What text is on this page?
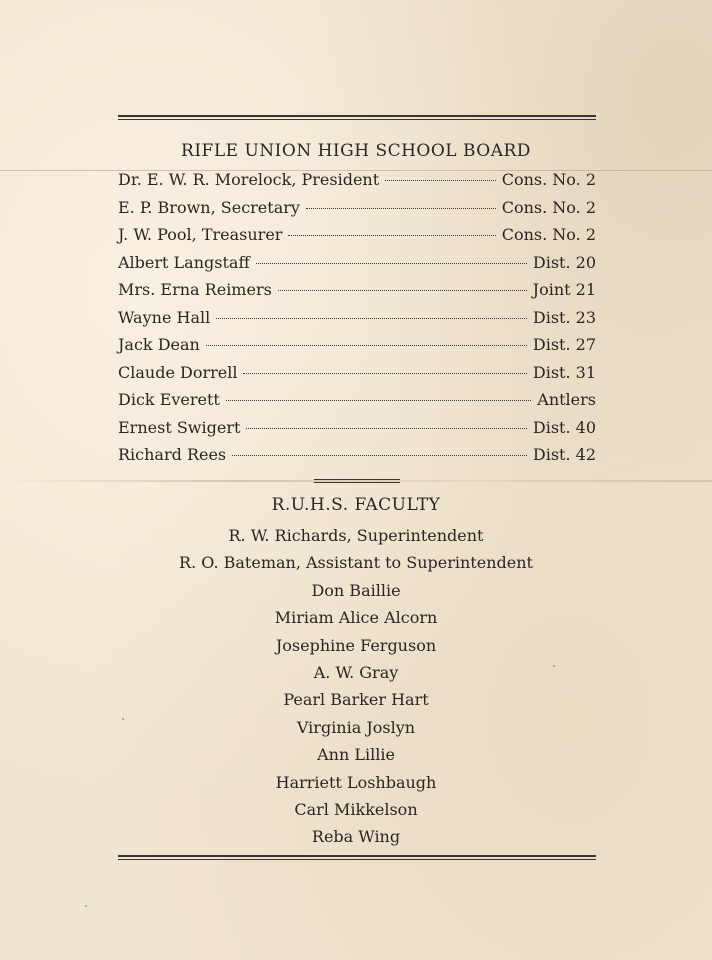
RIFLE UNION HIGH SCHOOL BOARD
Dr. E. W. R. Morelock, President	Cons. No. 2
E. P. Brown, Secretary	Cons. No. 2
J. W. Pool, Treasurer	Cons. No. 2
Albert Langstaff	Dist. 20
Mrs. Erna Reimers	Joint 21
Wayne Hall	Dist. 23
Jack Dean	Dist. 27
Claude Dorrell	Dist. 31
Dick Everett	Antlers
Ernest Swigert	Dist. 40
Richard Rees	Dist. 42
R.U.H.S. FACULTY
R. W. Richards, Superintendent
R. O. Bateman, Assistant to Superintendent
Don Baillie
Miriam Alice Alcorn
Josephine Ferguson
A. W. Gray
Pearl Barker Hart
Virginia Joslyn
Ann Lillie
Harriett Loshbaugh
Carl Mikkelson
Reba Wing
